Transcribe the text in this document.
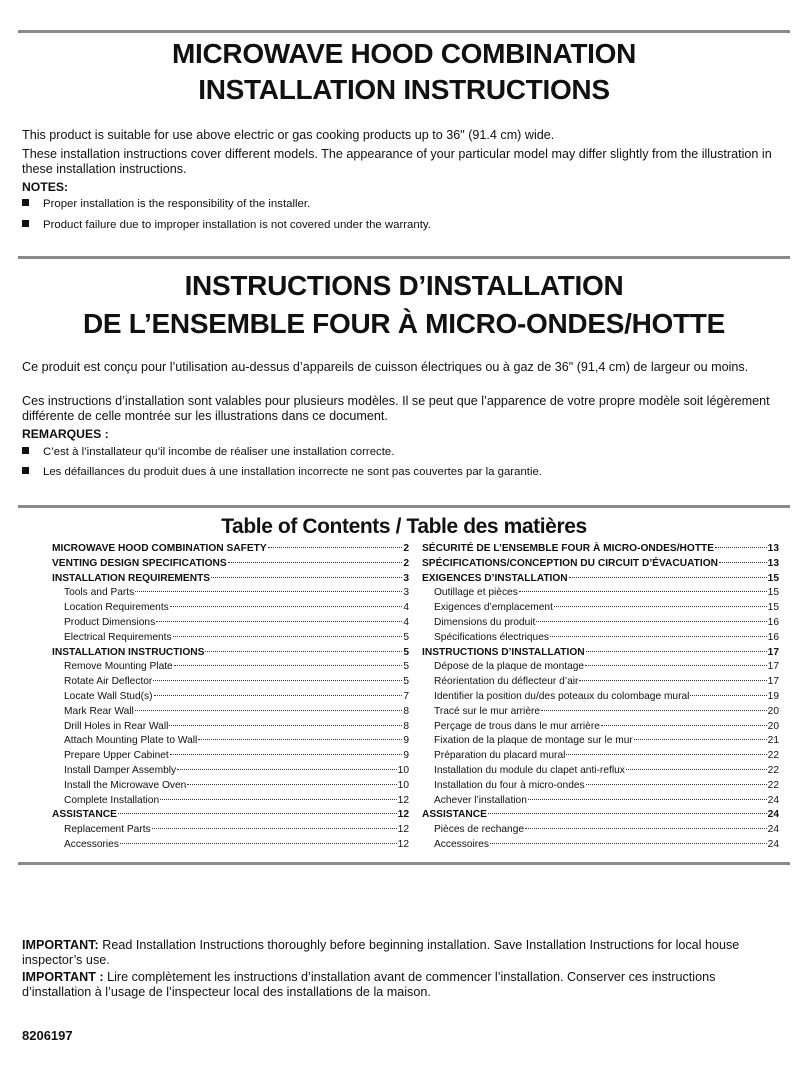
MICROWAVE HOOD COMBINATION
INSTALLATION INSTRUCTIONS
This product is suitable for use above electric or gas cooking products up to 36" (91.4 cm) wide.
These installation instructions cover different models. The appearance of your particular model may differ slightly from the illustration in these installation instructions.
NOTES:
Proper installation is the responsibility of the installer.
Product failure due to improper installation is not covered under the warranty.
INSTRUCTIONS D’INSTALLATION
DE L’ENSEMBLE FOUR À MICRO-ONDES/HOTTE
Ce produit est conçu pour l’utilisation au-dessus d’appareils de cuisson électriques ou à gaz de 36" (91,4 cm) de largeur ou moins.
Ces instructions d’installation sont valables pour plusieurs modèles. Il se peut que l’apparence de votre propre modèle soit légèrement différente de celle montrée sur les illustrations dans ce document.
REMARQUES :
C’est à l’installateur qu’il incombe de réaliser une installation correcte.
Les défaillances du produit dues à une installation incorrecte ne sont pas couvertes par la garantie.
Table of Contents / Table des matières
MICROWAVE HOOD COMBINATION SAFETY	2
VENTING DESIGN SPECIFICATIONS	2
INSTALLATION REQUIREMENTS	3
Tools and Parts	3
Location Requirements	4
Product Dimensions	4
Electrical Requirements	5
INSTALLATION INSTRUCTIONS	5
Remove Mounting Plate	5
Rotate Air Deflector	5
Locate Wall Stud(s)	7
Mark Rear Wall	8
Drill Holes in Rear Wall	8
Attach Mounting Plate to Wall	9
Prepare Upper Cabinet	9
Install Damper Assembly	10
Install the Microwave Oven	10
Complete Installation	12
ASSISTANCE	12
Replacement Parts	12
Accessories	12
SÉCURITÉ DE L’ENSEMBLE FOUR À MICRO-ONDES/HOTTE	13
SPÉCIFICATIONS/CONCEPTION DU CIRCUIT D’ÉVACUATION	13
EXIGENCES D’INSTALLATION	15
Outillage et pièces	15
Exigences d’emplacement	15
Dimensions du produit	16
Spécifications électriques	16
INSTRUCTIONS D’INSTALLATION	17
Dépose de la plaque de montage	17
Réorientation du déflecteur d’air	17
Identifier la position du/des poteaux du colombage mural	19
Tracé sur le mur arrière	20
Perçage de trous dans le mur arrière	20
Fixation de la plaque de montage sur le mur	21
Préparation du placard mural	22
Installation du module du clapet anti-reflux	22
Installation du four à micro-ondes	22
Achever l’installation	24
ASSISTANCE	24
Pièces de rechange	24
Accessoires	24
IMPORTANT: Read Installation Instructions thoroughly before beginning installation. Save Installation Instructions for local house inspector’s use.
IMPORTANT : Lire complètement les instructions d’installation avant de commencer l’installation. Conserver ces instructions d’installation à l’usage de l’inspecteur local des installations de la maison.
8206197
